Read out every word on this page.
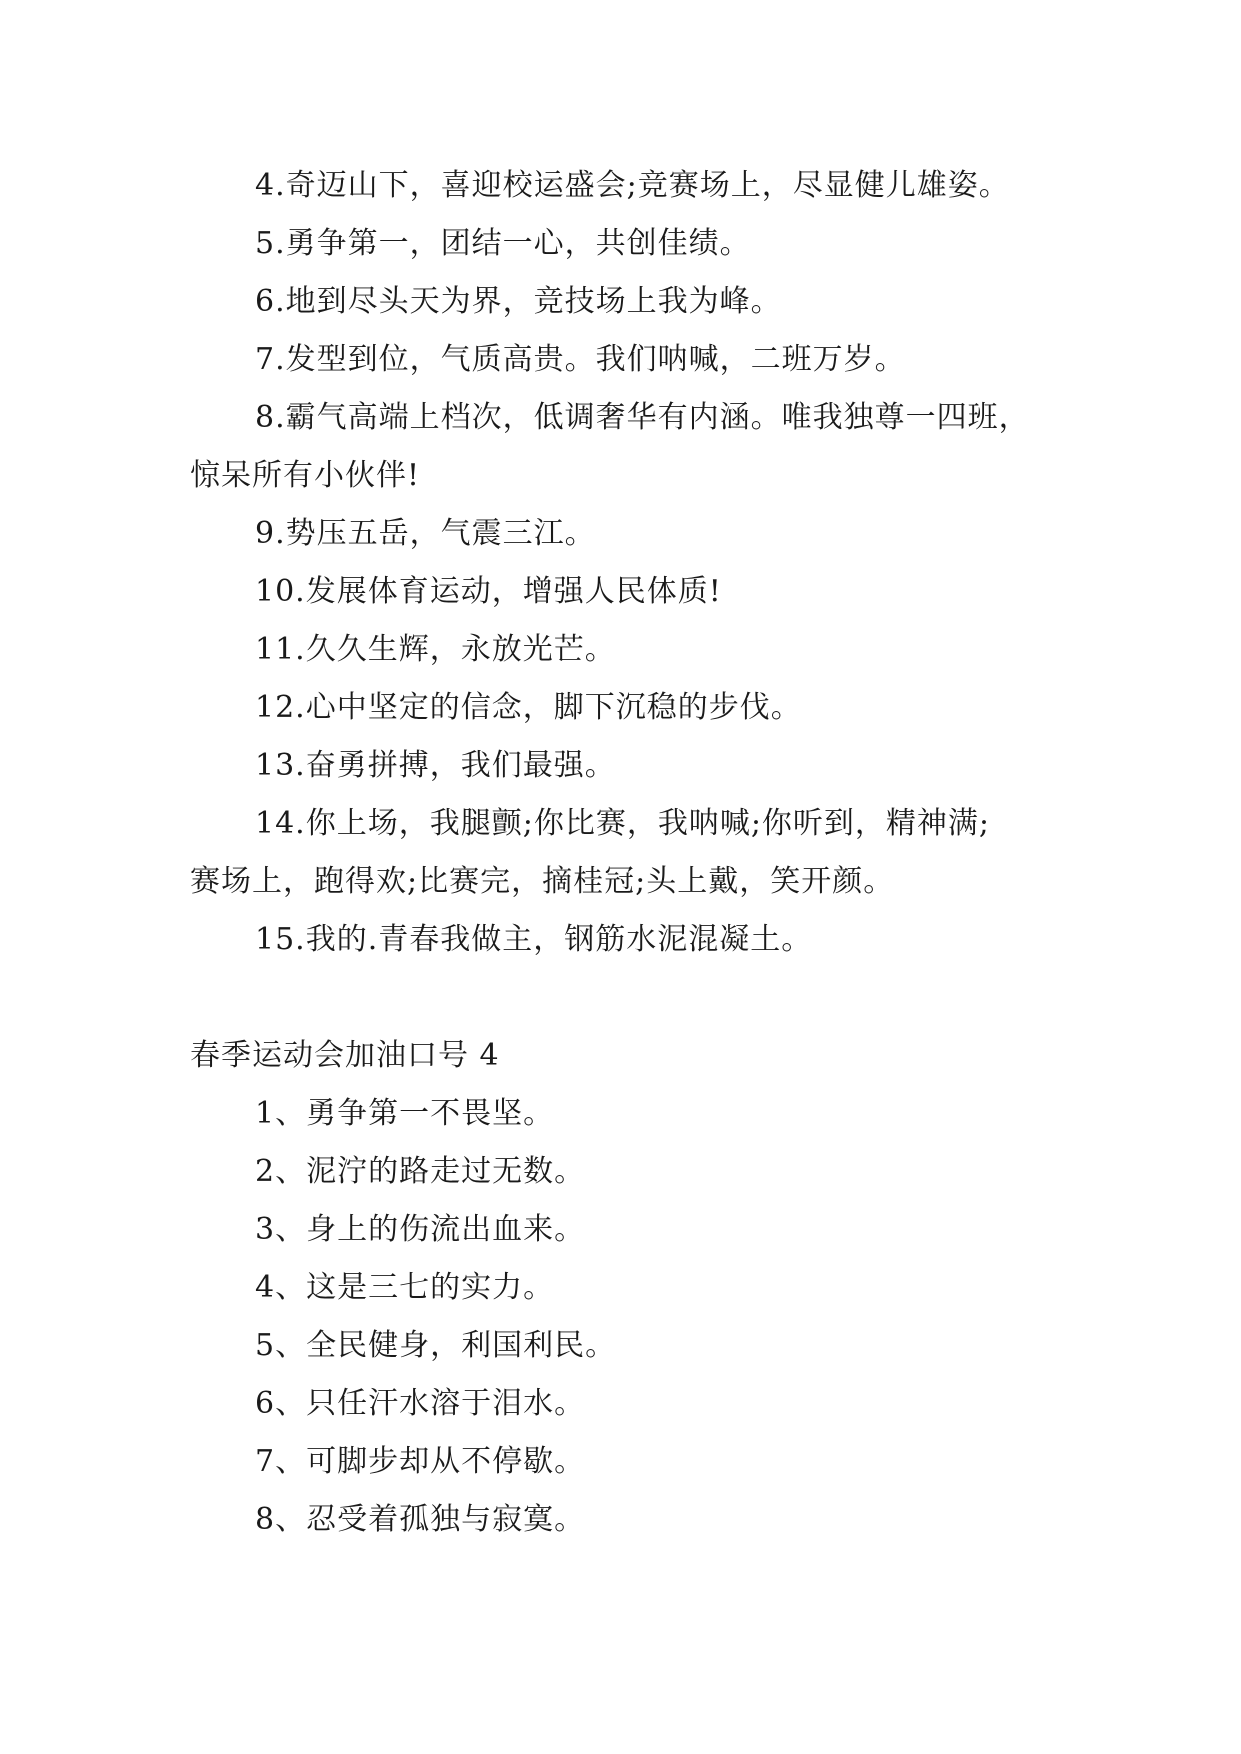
4.奇迈山下，喜迎校运盛会;竞赛场上，尽显健儿雄姿。
5.勇争第一，团结一心，共创佳绩。
6.地到尽头天为界，竞技场上我为峰。
7.发型到位，气质高贵。我们呐喊，二班万岁。
8.霸气高端上档次，低调奢华有内涵。唯我独尊一四班，
惊呆所有小伙伴!
9.势压五岳，气震三江。
10.发展体育运动，增强人民体质!
11.久久生辉，永放光芒。
12.心中坚定的信念，脚下沉稳的步伐。
13.奋勇拼搏，我们最强。
14.你上场，我腿颤;你比赛，我呐喊;你听到，精神满;
赛场上，跑得欢;比赛完，摘桂冠;头上戴，笑开颜。
15.我的.青春我做主，钢筋水泥混凝土。
春季运动会加油口号 4
1、勇争第一不畏坚。
2、泥泞的路走过无数。
3、身上的伤流出血来。
4、这是三七的实力。
5、全民健身，利国利民。
6、只任汗水溶于泪水。
7、可脚步却从不停歇。
8、忍受着孤独与寂寞。
